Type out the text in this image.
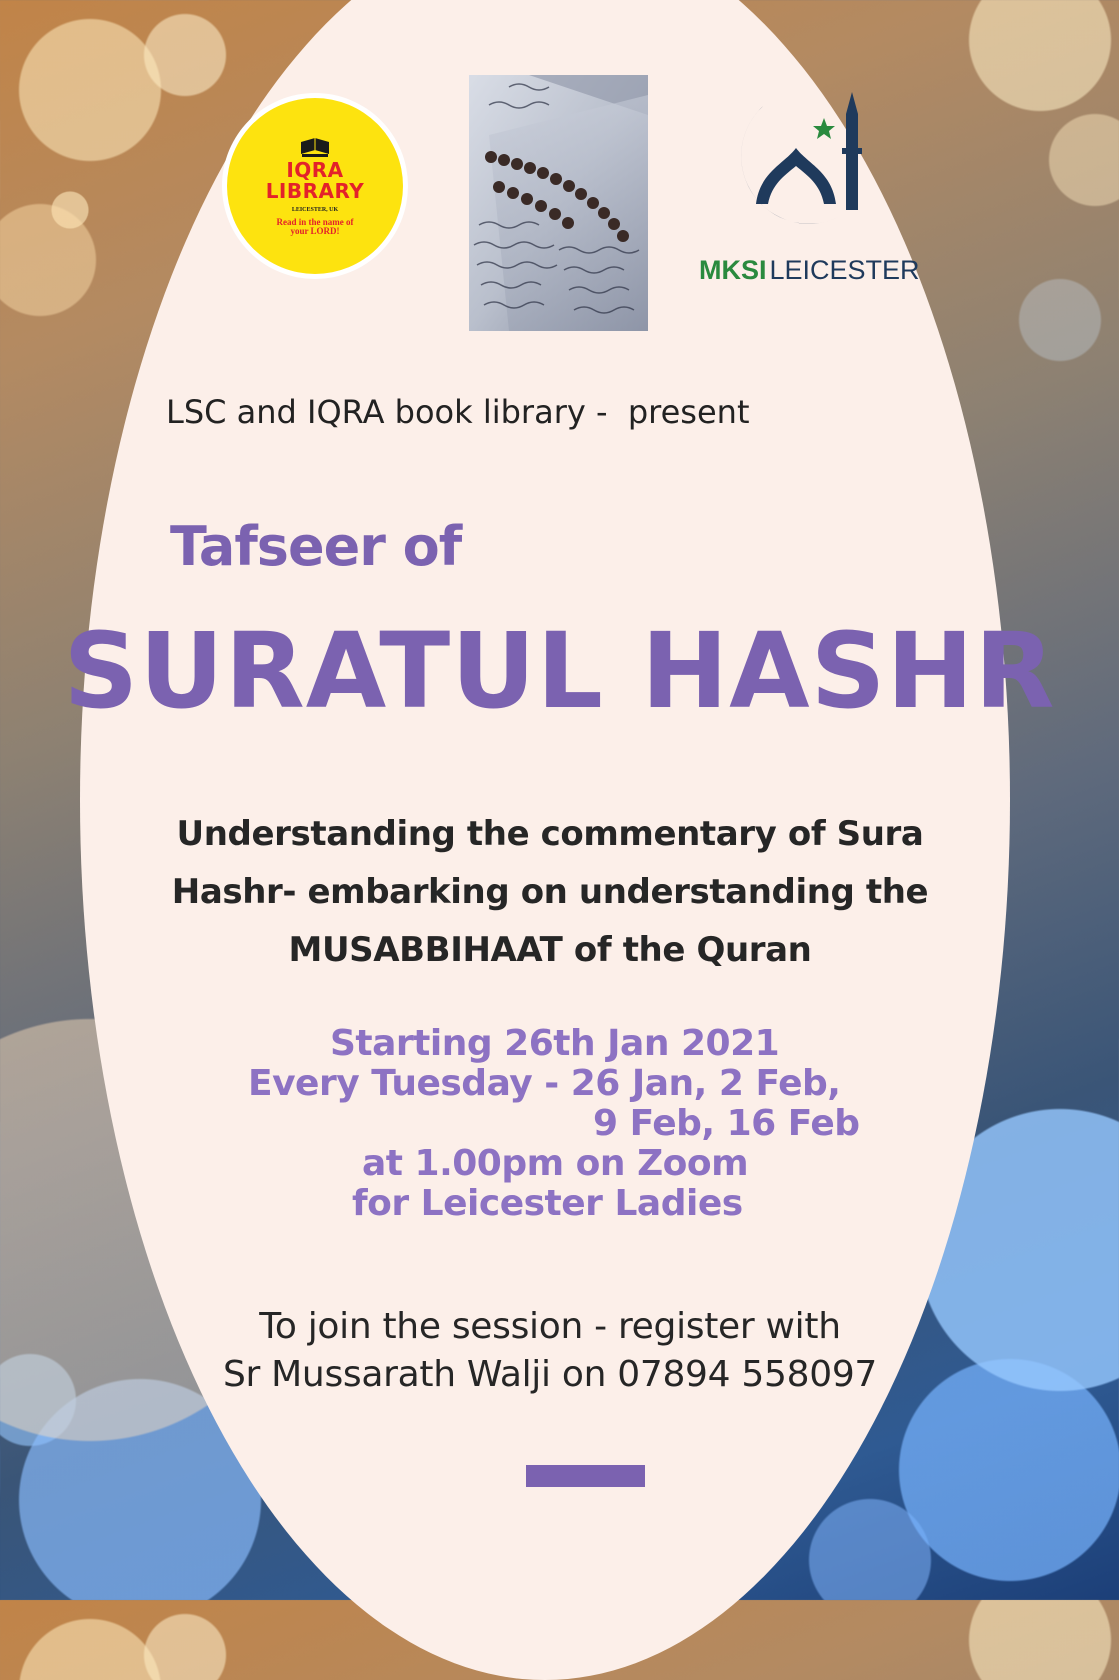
IQRA
LIBRARY
LEICESTER, UK
Read in the name of
your LORD!
MKSI LEICESTER
LSC and IQRA book library -  present
Tafseer of
SURATUL HASHR
Understanding the commentary of Sura
Hashr- embarking on understanding the
MUSABBIHAAT of the Quran
Starting 26th Jan 2021
Every Tuesday - 26 Jan, 2 Feb,
9 Feb, 16 Feb
at 1.00pm on Zoom
for Leicester Ladies
To join the session - register with
Sr Mussarath Walji on 07894 558097
